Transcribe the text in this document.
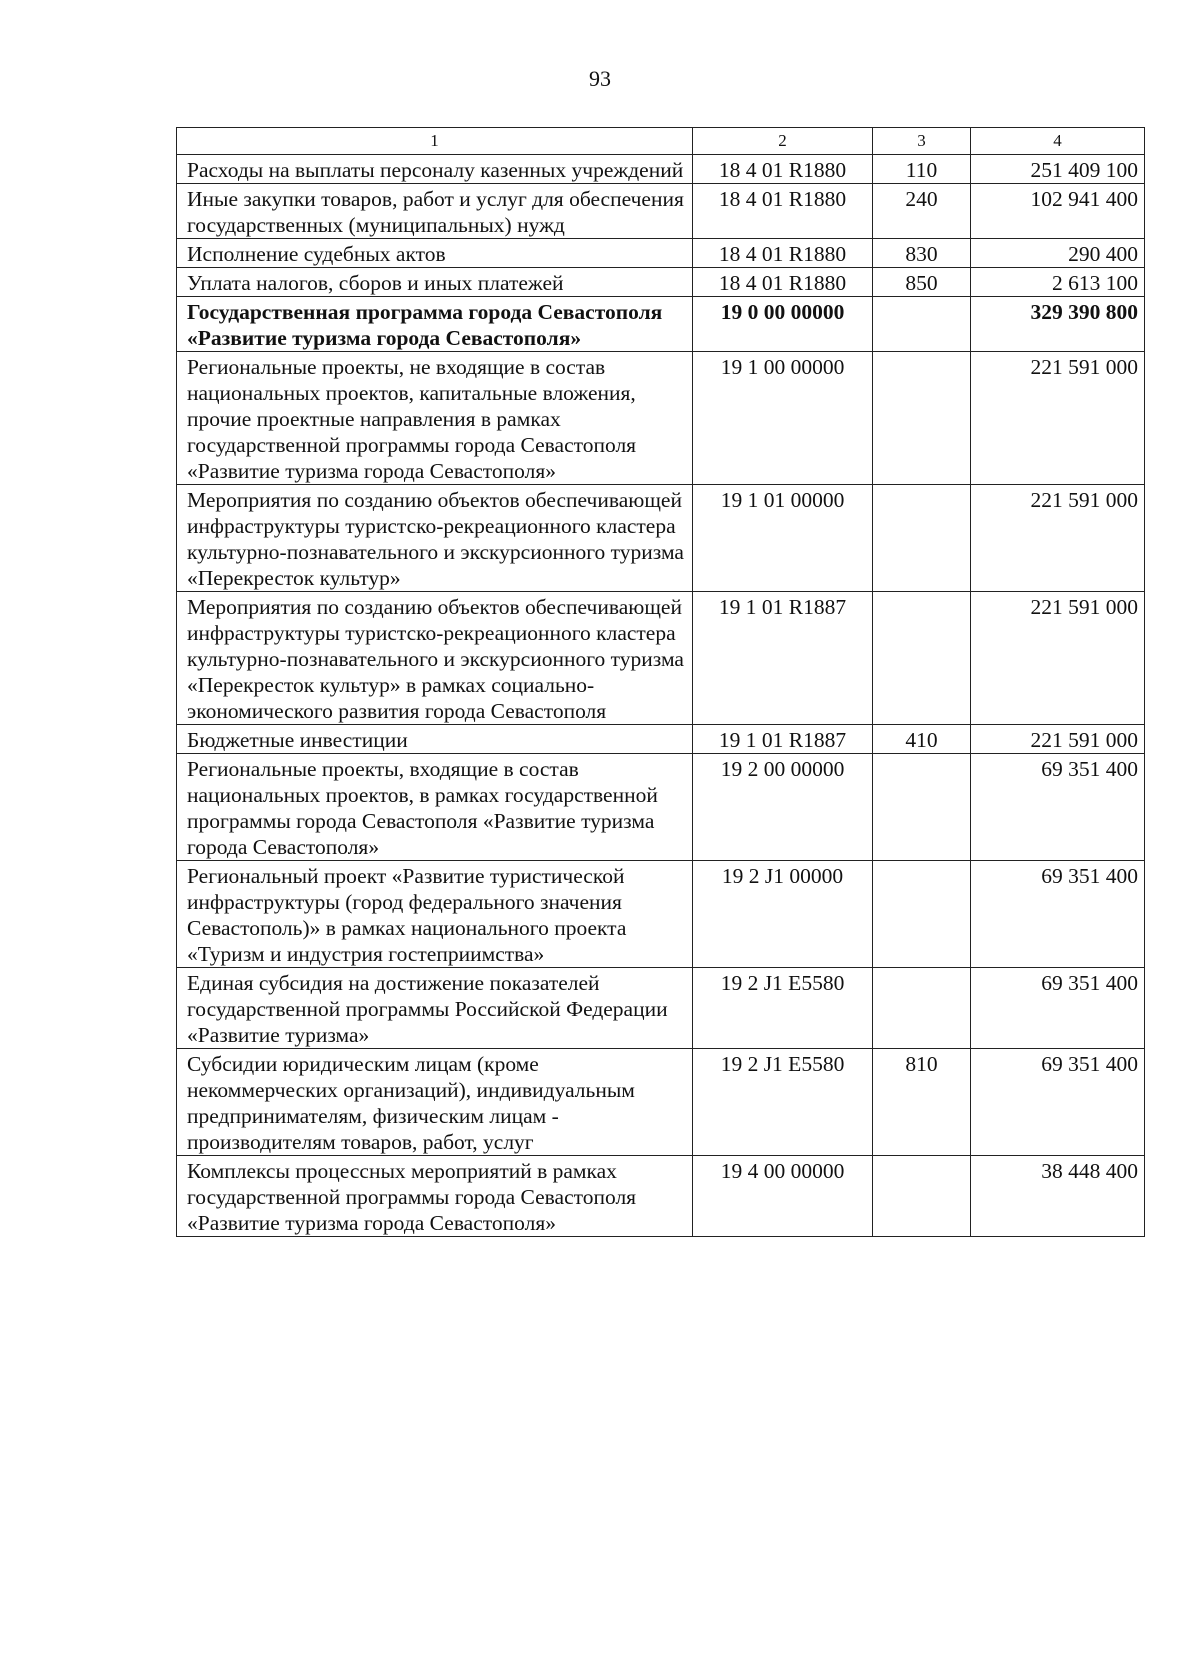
93
1	2	3	4
Расходы на выплаты персоналу казенных учреждений	18 4 01 R1880	110	251 409 100
Иные закупки товаров, работ и услуг для обеспечения государственных (муниципальных) нужд	18 4 01 R1880	240	102 941 400
Исполнение судебных актов	18 4 01 R1880	830	290 400
Уплата налогов, сборов и иных платежей	18 4 01 R1880	850	2 613 100
Государственная программа города Севастополя «Развитие туризма города Севастополя»	19 0 00 00000		329 390 800
Региональные проекты, не входящие в состав национальных проектов, капитальные вложения, прочие проектные направления в рамках государственной программы города Севастополя «Развитие туризма города Севастополя»	19 1 00 00000		221 591 000
Мероприятия по созданию объектов обеспечивающей инфраструктуры туристско-рекреационного кластера культурно-познавательного и экскурсионного туризма «Перекресток культур»	19 1 01 00000		221 591 000
Мероприятия по созданию объектов обеспечивающей инфраструктуры туристско-рекреационного кластера культурно-познавательного и экскурсионного туризма «Перекресток культур» в рамках социально-экономического развития города Севастополя	19 1 01 R1887		221 591 000
Бюджетные инвестиции	19 1 01 R1887	410	221 591 000
Региональные проекты, входящие в состав национальных проектов, в рамках государственной программы города Севастополя «Развитие туризма города Севастополя»	19 2 00 00000		69 351 400
Региональный проект «Развитие туристической инфраструктуры (город федерального значения Севастополь)» в рамках национального проекта «Туризм и индустрия гостеприимства»	19 2 J1 00000		69 351 400
Единая субсидия на достижение показателей государственной программы Российской Федерации «Развитие туризма»	19 2 J1 E5580		69 351 400
Субсидии юридическим лицам (кроме некоммерческих организаций), индивидуальным предпринимателям, физическим лицам - производителям товаров, работ, услуг	19 2 J1 E5580	810	69 351 400
Комплексы процессных мероприятий в рамках государственной программы города Севастополя «Развитие туризма города Севастополя»	19 4 00 00000		38 448 400
